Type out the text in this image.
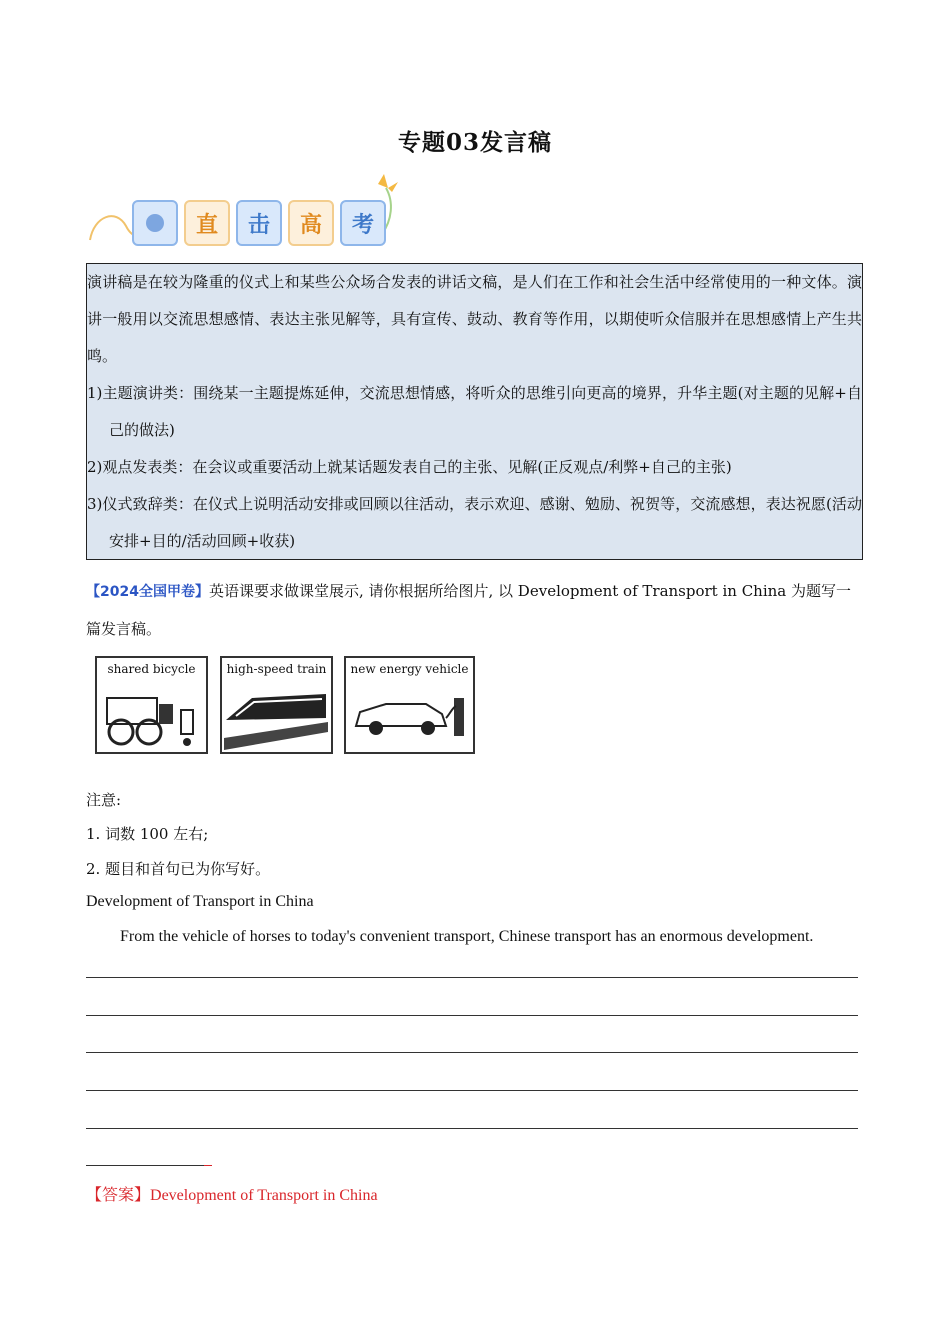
专题03发言稿
直	击	高	考

演讲稿是在较为隆重的仪式上和某些公众场合发表的讲话文稿，是人们在工作和社会生活中经常使用的一种文体。演讲一般用以交流思想感情、表达主张见解等，具有宣传、鼓动、教育等作用，以期使听众信服并在思想感情上产生共鸣。

1)主题演讲类：围绕某一主题提炼延伸，交流思想情感，将听众的思维引向更高的境界，升华主题(对主题的见解+自己的做法)

2)观点发表类：在会议或重要活动上就某话题发表自己的主张、见解(正反观点/利弊+自己的主张)

3)仪式致辞类：在仪式上说明活动安排或回顾以往活动，表示欢迎、感谢、勉励、祝贺等，交流感想，表达祝愿(活动安排+目的/活动回顾+收获)

【2024全国甲卷】英语课要求做课堂展示, 请你根据所给图片, 以 Development of Transport in China 为题写一篇发言稿。
shared bicycle	high-speed train	new energy vehicle
注意:
1. 词数 100 左右;
2. 题目和首句已为你写好。
Development of Transport in China
From the vehicle of horses to today's convenient transport, Chinese transport has an enormous development.
【答案】Development of Transport in China
